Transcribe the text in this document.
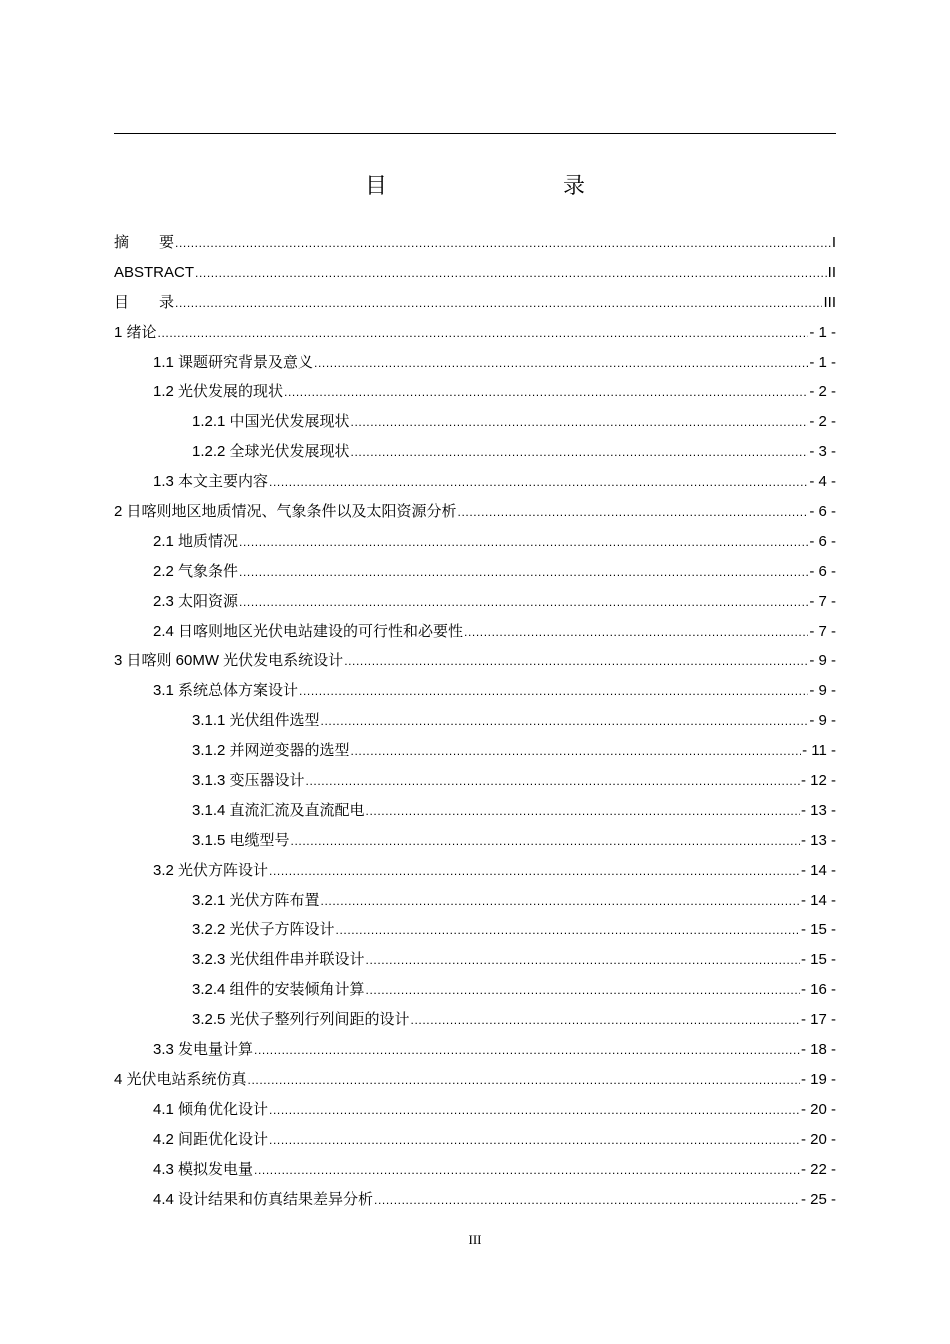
目　　录
摘　　要 .....	I
ABSTRACT .....	II
目　　录 .....	III
1 绪论 .....	- 1 -
1.1 课题研究背景及意义 .....	- 1 -
1.2 光伏发展的现状 .....	- 2 -
1.2.1 中国光伏发展现状 .....	- 2 -
1.2.2 全球光伏发展现状 .....	- 3 -
1.3 本文主要内容 .....	- 4 -
2 日喀则地区地质情况、气象条件以及太阳资源分析 .....	- 6 -
2.1 地质情况 .....	- 6 -
2.2 气象条件 .....	- 6 -
2.3 太阳资源 .....	- 7 -
2.4 日喀则地区光伏电站建设的可行性和必要性 .....	- 7 -
3 日喀则 60MW 光伏发电系统设计 .....	- 9 -
3.1 系统总体方案设计 .....	- 9 -
3.1.1 光伏组件选型 .....	- 9 -
3.1.2 并网逆变器的选型 .....	- 11 -
3.1.3 变压器设计 .....	- 12 -
3.1.4 直流汇流及直流配电 .....	- 13 -
3.1.5 电缆型号 .....	- 13 -
3.2 光伏方阵设计 .....	- 14 -
3.2.1 光伏方阵布置 .....	- 14 -
3.2.2 光伏子方阵设计 .....	- 15 -
3.2.3 光伏组件串并联设计 .....	- 15 -
3.2.4 组件的安装倾角计算 .....	- 16 -
3.2.5 光伏子整列行列间距的设计 .....	- 17 -
3.3 发电量计算 .....	- 18 -
4 光伏电站系统仿真 .....	- 19 -
4.1 倾角优化设计 .....	- 20 -
4.2 间距优化设计 .....	- 20 -
4.3 模拟发电量 .....	- 22 -
4.4 设计结果和仿真结果差异分析 .....	- 25 -
III
